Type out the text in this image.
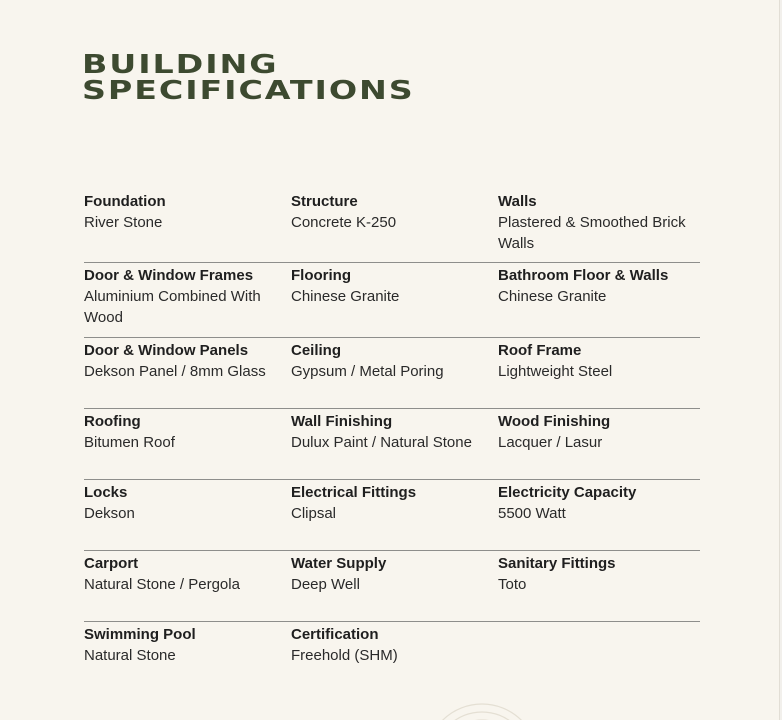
BUILDING
SPECIFICATIONS
Foundation
River Stone
Structure
Concrete K-250
Walls
Plastered & Smoothed Brick Walls
Door & Window Frames
Aluminium Combined With Wood
Flooring
Chinese Granite
Bathroom Floor & Walls
Chinese Granite
Door & Window Panels
Dekson Panel / 8mm Glass
Ceiling
Gypsum / Metal Poring
Roof Frame
Lightweight Steel
Roofing
Bitumen Roof
Wall Finishing
Dulux Paint / Natural Stone
Wood Finishing
Lacquer / Lasur
Locks
Dekson
Electrical Fittings
Clipsal
Electricity Capacity
5500 Watt
Carport
Natural Stone / Pergola
Water Supply
Deep Well
Sanitary Fittings
Toto
Swimming Pool
Natural Stone
Certification
Freehold (SHM)
